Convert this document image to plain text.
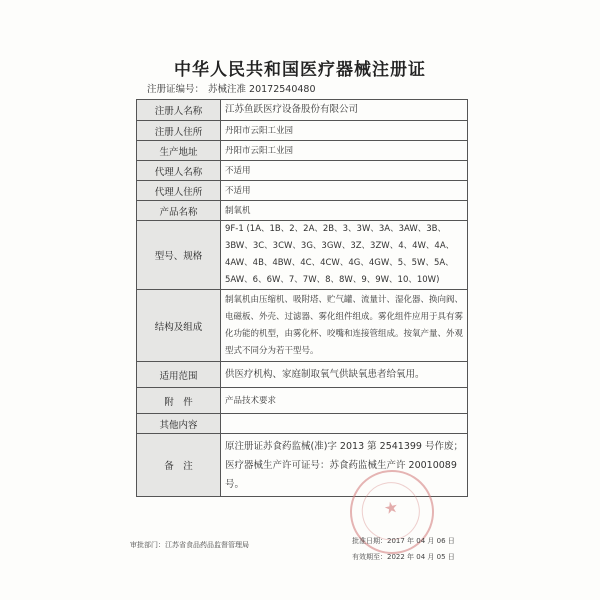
中华人民共和国医疗器械注册证
注册证编号： 苏械注准 20172540480
注册人名称	江苏鱼跃医疗设备股份有限公司
注册人住所	丹阳市云阳工业园
生产地址	丹阳市云阳工业园
代理人名称	不适用
代理人住所	不适用
产品名称	制氧机
型号、规格	9F-1 (1A、1B、2、2A、2B、3、3W、3A、3AW、3B、3BW、3C、3CW、3G、3GW、3Z、3ZW、4、4W、4A、4AW、4B、4BW、4C、4CW、4G、4GW、5、5W、5A、5AW、6、6W、7、7W、8、8W、9、9W、10、10W)
结构及组成	制氧机由压缩机、吸附塔、贮气罐、流量计、湿化器、换向阀、电磁板、外壳、过滤器、雾化组件组成。雾化组件应用于具有雾化功能的机型，由雾化杯、咬嘴和连接管组成。按氧产量、外观型式不同分为若干型号。
适用范围	供医疗机构、家庭制取氧气供缺氧患者给氧用。
附　件	产品技术要求
其他内容	
备　注	原注册证苏食药监械(准)字 2013 第 2541399 号作废；医疗器械生产许可证号：苏食药监械生产许 20010089 号。
★
审批部门：江苏省食品药品监督管理局	批准日期：2017 年 04 月 06 日
有效期至：2022 年 04 月 05 日
